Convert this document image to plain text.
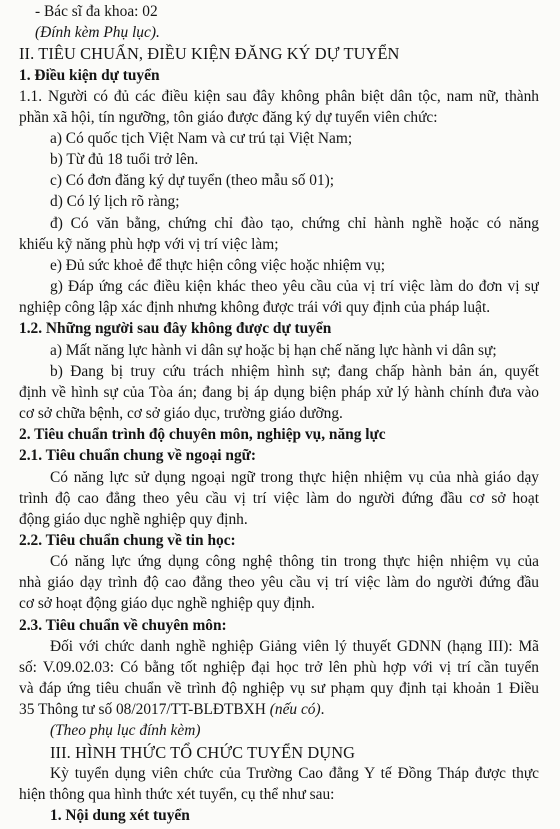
- Bác sĩ đa khoa: 02

(Đính kèm Phụ lục).

II. TIÊU CHUẨN, ĐIỀU KIỆN ĐĂNG KÝ DỰ TUYỂN

1. Điều kiện dự tuyển

1.1. Người có đủ các điều kiện sau đây không phân biệt dân tộc, nam nữ, thành

phần xã hội, tín ngưỡng, tôn giáo được đăng ký dự tuyển viên chức:

a) Có quốc tịch Việt Nam và cư trú tại Việt Nam;

b) Từ đủ 18 tuổi trở lên.

c) Có đơn đăng ký dự tuyển (theo mẫu số 01);

d) Có lý lịch rõ ràng;

đ) Có văn bằng, chứng chỉ đào tạo, chứng chỉ hành nghề hoặc có năng

khiếu kỹ năng phù hợp với vị trí việc làm;

e) Đủ sức khoẻ để thực hiện công việc hoặc nhiệm vụ;

g) Đáp ứng các điều kiện khác theo yêu cầu của vị trí việc làm do đơn vị sự

nghiệp công lập xác định nhưng không được trái với quy định của pháp luật.

1.2. Những người sau đây không được dự tuyển

a) Mất năng lực hành vi dân sự hoặc bị hạn chế năng lực hành vi dân sự;

b) Đang bị truy cứu trách nhiệm hình sự; đang chấp hành bản án, quyết

định về hình sự của Tòa án; đang bị áp dụng biện pháp xử lý hành chính đưa vào

cơ sở chữa bệnh, cơ sở giáo dục, trường giáo dưỡng.

2. Tiêu chuẩn trình độ chuyên môn, nghiệp vụ, năng lực

2.1. Tiêu chuẩn chung về ngoại ngữ:

Có năng lực sử dụng ngoại ngữ trong thực hiện nhiệm vụ của nhà giáo dạy

trình độ cao đẳng theo yêu cầu vị trí việc làm do người đứng đầu cơ sở hoạt

động giáo dục nghề nghiệp quy định.

2.2. Tiêu chuẩn chung về tin học:

Có năng lực ứng dụng công nghệ thông tin trong thực hiện nhiệm vụ của

nhà giáo dạy trình độ cao đẳng theo yêu cầu vị trí việc làm do người đứng đầu

cơ sở hoạt động giáo dục nghề nghiệp quy định.

2.3. Tiêu chuẩn về chuyên môn:

Đối với chức danh nghề nghiệp Giảng viên lý thuyết GDNN (hạng III): Mã

số: V.09.02.03: Có bằng tốt nghiệp đại học trở lên phù hợp với vị trí cần tuyển

và đáp ứng tiêu chuẩn về trình độ nghiệp vụ sư phạm quy định tại khoản 1 Điều

35 Thông tư số 08/2017/TT-BLĐTBXH (nếu có).

(Theo phụ lục đính kèm)

III. HÌNH THỨC TỔ CHỨC TUYỂN DỤNG

Kỳ tuyển dụng viên chức của Trường Cao đẳng Y tế Đồng Tháp được thực

hiện thông qua hình thức xét tuyển, cụ thể như sau:

1. Nội dung xét tuyển
